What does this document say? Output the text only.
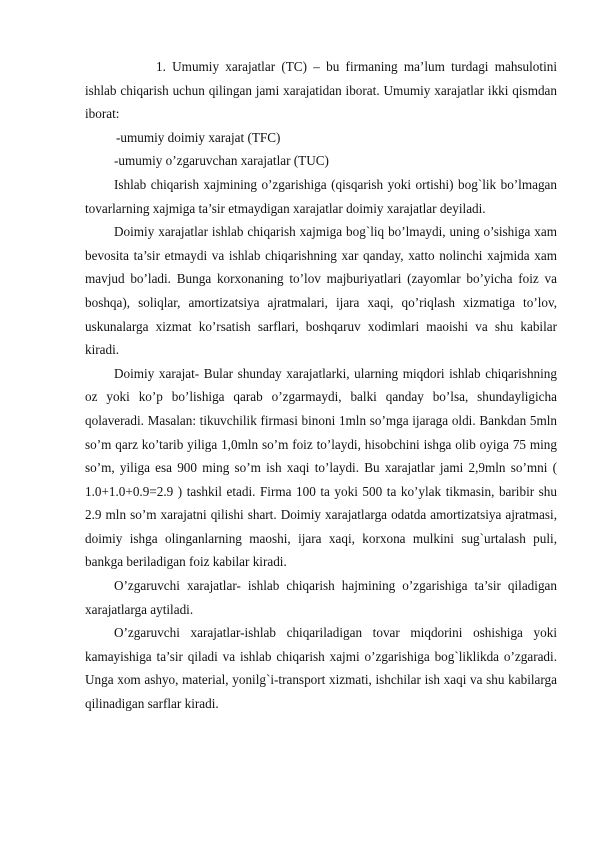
1. Umumiy xarajatlar (TC) – bu firmaning ma’lum turdagi mahsulotini ishlab chiqarish uchun qilingan jami xarajatidan iborat. Umumiy xarajatlar ikki qismdan iborat:

-umumiy doimiy xarajat (TFC)

-umumiy o’zgaruvchan xarajatlar (TUC)

Ishlab chiqarish xajmining o’zgarishiga (qisqarish yoki ortishi) bog`lik bo’lmagan tovarlarning xajmiga ta’sir etmaydigan xarajatlar doimiy xarajatlar deyiladi.

Doimiy xarajatlar ishlab chiqarish xajmiga bog`liq bo’lmaydi, uning o’sishiga xam bevosita ta’sir etmaydi va ishlab chiqarishning xar qanday, xatto nolinchi xajmida xam mavjud bo’ladi. Bunga korxonaning to’lov majburiyatlari (zayomlar bo’yicha foiz va boshqa), soliqlar, amortizatsiya ajratmalari, ijara xaqi, qo’riqlash xizmatiga to’lov, uskunalarga xizmat ko’rsatish sarflari, boshqaruv xodimlari maoishi va shu kabilar kiradi.

Doimiy xarajat- Bular shunday xarajatlarki, ularning miqdori ishlab chiqarishning oz yoki ko’p bo’lishiga qarab o’zgarmaydi, balki qanday bo’lsa, shundayligicha qolaveradi. Masalan: tikuvchilik firmasi binoni 1mln so’mga ijaraga oldi. Bankdan 5mln so’m qarz ko’tarib yiliga 1,0mln so’m foiz to’laydi, hisobchini ishga olib oyiga 75 ming so’m, yiliga esa 900 ming so’m ish xaqi to’laydi. Bu xarajatlar jami 2,9mln so’mni ( 1.0+1.0+0.9=2.9 ) tashkil etadi. Firma 100 ta yoki 500 ta ko’ylak tikmasin, baribir shu 2.9 mln so’m xarajatni qilishi shart. Doimiy xarajatlarga odatda amortizatsiya ajratmasi, doimiy ishga olinganlarning maoshi, ijara xaqi, korxona mulkini sug`urtalash puli, bankga beriladigan foiz kabilar kiradi.

O’zgaruvchi xarajatlar- ishlab chiqarish hajmining o’zgarishiga ta’sir qiladigan xarajatlarga aytiladi.

O’zgaruvchi xarajatlar-ishlab chiqariladigan tovar miqdorini oshishiga yoki kamayishiga ta’sir qiladi va ishlab chiqarish xajmi o’zgarishiga bog`liklikda o’zgaradi. Unga xom ashyo, material, yonilg`i-transport xizmati, ishchilar ish xaqi va shu kabilarga qilinadigan sarflar kiradi.
